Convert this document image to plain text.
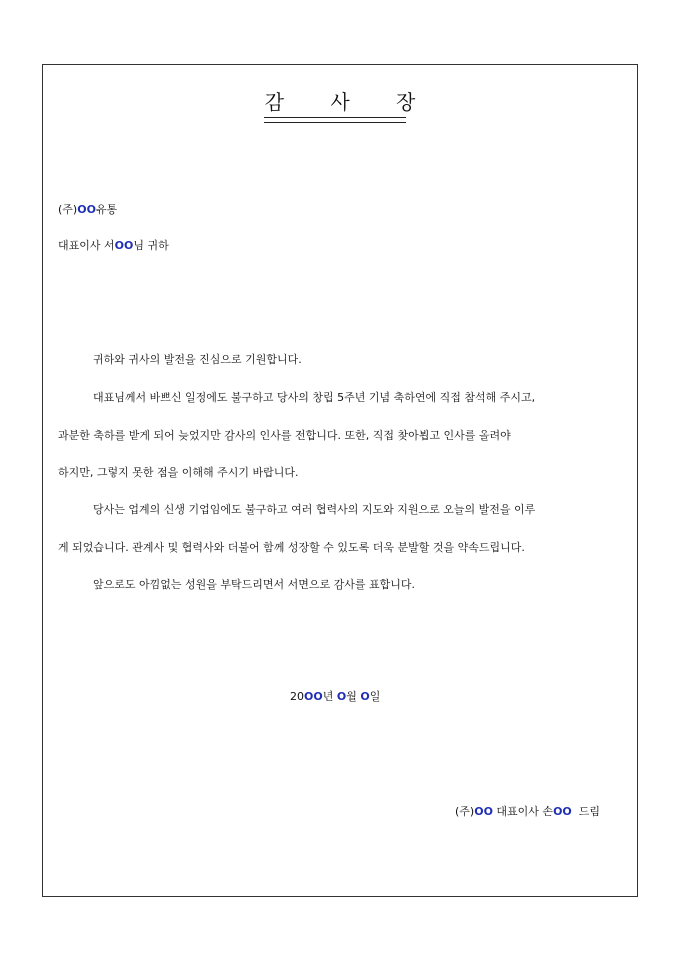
감 사 장
(주)OO유통
대표이사 서OO님 귀하
귀하와 귀사의 발전을 진심으로 기원합니다.
대표님께서 바쁘신 일정에도 불구하고 당사의 창립 5주년 기념 축하연에 직접 참석해 주시고,
과분한 축하를 받게 되어 늦었지만 감사의 인사를 전합니다. 또한, 직접 찾아뵙고 인사를 올려야
하지만, 그렇지 못한 점을 이해해 주시기 바랍니다.
당사는 업계의 신생 기업임에도 불구하고 여러 협력사의 지도와 지원으로 오늘의 발전을 이루
게 되었습니다. 관계사 및 협력사와 더불어 함께 성장할 수 있도록 더욱 분발할 것을 약속드립니다.
앞으로도 아낌없는 성원을 부탁드리면서 서면으로 감사를 표합니다.
20OO년 O월 O일
(주)OO 대표이사 손OO 드림
